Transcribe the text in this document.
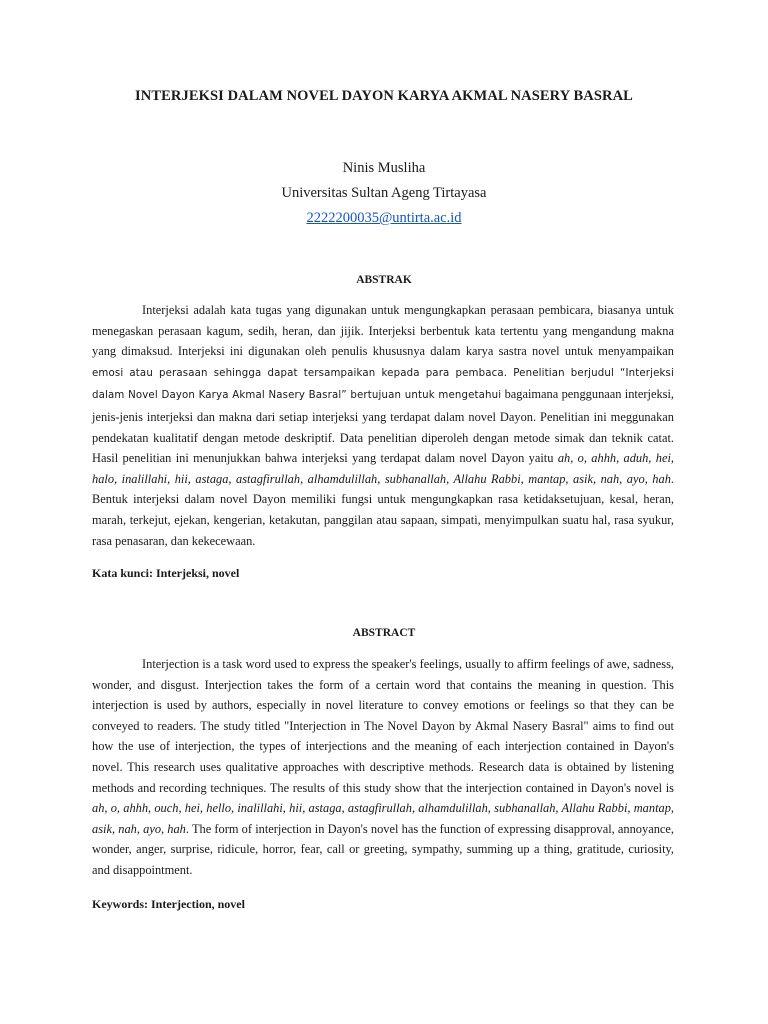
INTERJEKSI DALAM NOVEL DAYON KARYA AKMAL NASERY BASRAL
Ninis Musliha
Universitas Sultan Ageng Tirtayasa
2222200035@untirta.ac.id
ABSTRAK

Interjeksi adalah kata tugas yang digunakan untuk mengungkapkan perasaan pembicara, biasanya untuk menegaskan perasaan kagum, sedih, heran, dan jijik. Interjeksi berbentuk kata tertentu yang mengandung makna yang dimaksud. Interjeksi ini digunakan oleh penulis khususnya dalam karya sastra novel untuk menyampaikan emosi atau perasaan sehingga dapat tersampaikan kepada para pembaca. Penelitian berjudul “Interjeksi dalam Novel Dayon Karya Akmal Nasery Basral” bertujuan untuk mengetahui bagaimana penggunaan interjeksi, jenis-jenis interjeksi dan makna dari setiap interjeksi yang terdapat dalam novel Dayon. Penelitian ini meggunakan pendekatan kualitatif dengan metode deskriptif. Data penelitian diperoleh dengan metode simak dan teknik catat. Hasil penelitian ini menunjukkan bahwa interjeksi yang terdapat dalam novel Dayon yaitu ah, o, ahhh, aduh, hei, halo, inalillahi, hii, astaga, astagfirullah, alhamdulillah, subhanallah, Allahu Rabbi, mantap, asik, nah, ayo, hah. Bentuk interjeksi dalam novel Dayon memiliki fungsi untuk mengungkapkan rasa ketidaksetujuan, kesal, heran, marah, terkejut, ejekan, kengerian, ketakutan, panggilan atau sapaan, simpati, menyimpulkan suatu hal, rasa syukur, rasa penasaran, dan kekecewaan.

Kata kunci: Interjeksi, novel
ABSTRACT

Interjection is a task word used to express the speaker's feelings, usually to affirm feelings of awe, sadness, wonder, and disgust. Interjection takes the form of a certain word that contains the meaning in question. This interjection is used by authors, especially in novel literature to convey emotions or feelings so that they can be conveyed to readers. The study titled "Interjection in The Novel Dayon by Akmal Nasery Basral" aims to find out how the use of interjection, the types of interjections and the meaning of each interjection contained in Dayon's novel. This research uses qualitative approaches with descriptive methods. Research data is obtained by listening methods and recording techniques. The results of this study show that the interjection contained in Dayon's novel is ah, o, ahhh, ouch, hei, hello, inalillahi, hii, astaga, astagfirullah, alhamdulillah, subhanallah, Allahu Rabbi, mantap, asik, nah, ayo, hah. The form of interjection in Dayon's novel has the function of expressing disapproval, annoyance, wonder, anger, surprise, ridicule, horror, fear, call or greeting, sympathy, summing up a thing, gratitude, curiosity, and disappointment.

Keywords: Interjection, novel
